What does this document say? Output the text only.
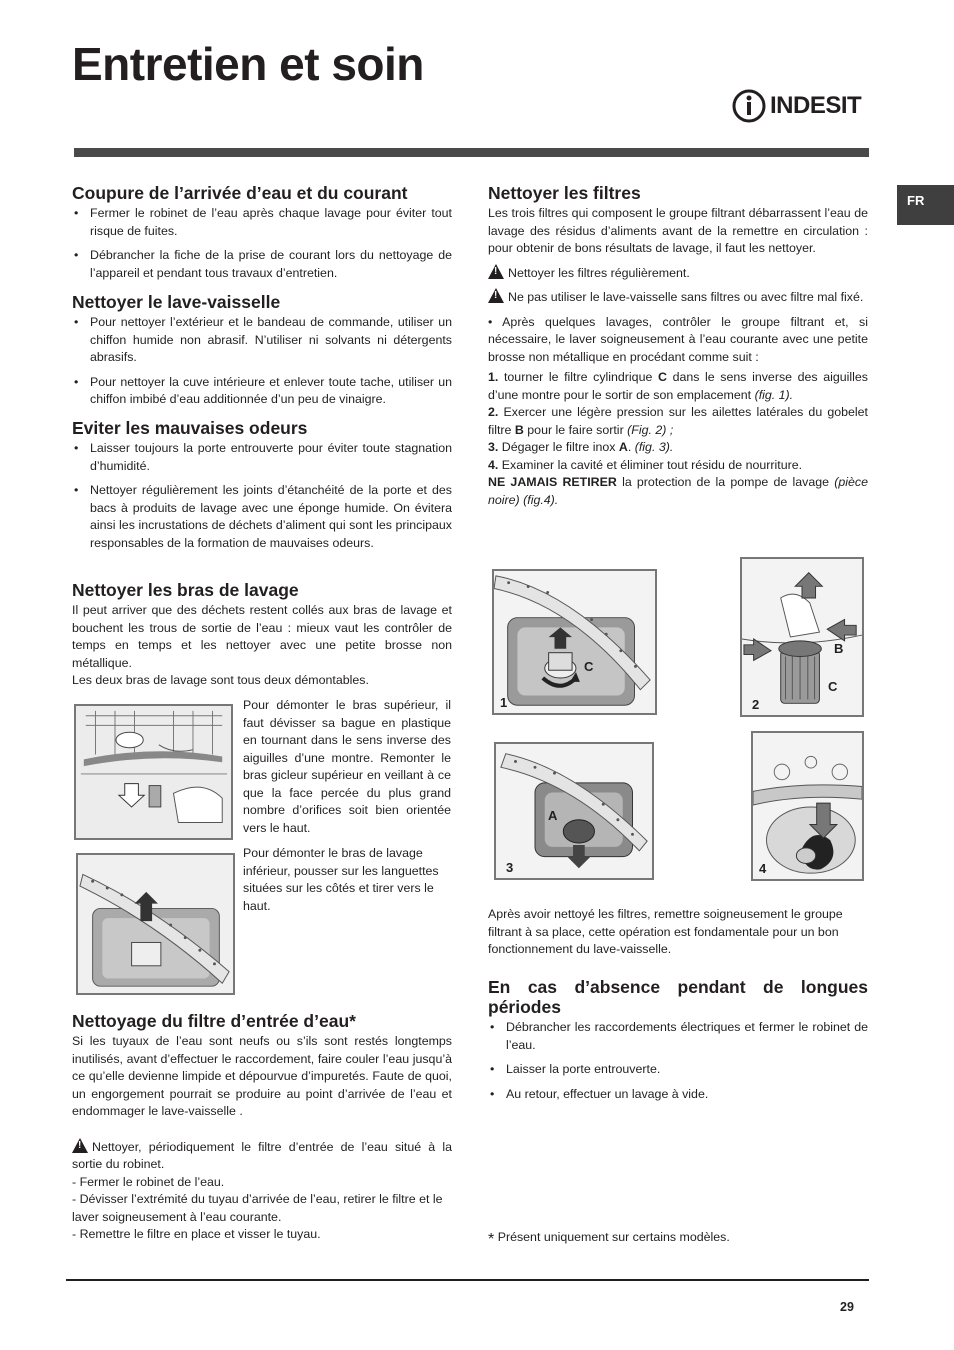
Entretien et soin
INDESIT
FR
Coupure de l’arrivée d’eau et du courant
• Fermer le robinet de l’eau après chaque lavage pour éviter tout risque de fuites.
• Débrancher la fiche de la prise de courant lors du nettoyage de l’appareil et pendant tous travaux d’entretien.
Nettoyer le lave-vaisselle
• Pour nettoyer l’extérieur et le bandeau de commande, utiliser un chiffon humide non abrasif. N’utiliser ni solvants ni détergents abrasifs.
• Pour nettoyer la cuve intérieure et enlever toute tache, utiliser un chiffon imbibé d’eau additionnée d’un peu de vinaigre.
Eviter les mauvaises odeurs
• Laisser toujours la porte entrouverte pour éviter toute stagnation d’humidité.
• Nettoyer régulièrement les joints d’étanchéité de la porte et des bacs à produits de lavage avec une éponge humide. On évitera ainsi les incrustations de déchets d’aliment qui sont les principaux responsables de la formation de mauvaises odeurs.
Nettoyer les bras de lavage

Il peut arriver que des déchets restent collés aux bras de lavage et bouchent les trous de sortie de l’eau : mieux vaut les contrôler de temps en temps et les nettoyer avec une petite brosse non métallique.

Les deux bras de lavage sont tous deux démontables.

Pour démonter le bras supérieur, il faut dévisser sa bague en plastique en tournant dans le sens inverse des aiguilles d’une montre. Remonter le bras gicleur supérieur en veillant à ce que la face percée du plus grand nombre d’orifices soit bien orientée vers le haut.

Pour démonter le bras de lavage inférieur, pousser sur les languettes situées sur les côtés et tirer vers le haut.

Nettoyage du filtre d’entrée d’eau*

Si les tuyaux de l’eau sont neufs ou s’ils sont restés longtemps inutilisés, avant d’effectuer le raccordement, faire couler l’eau jusqu’à ce qu’elle devienne limpide et dépourvue d’impuretés. Faute de quoi, un engorgement pourrait se produire au point d’arrivée de l’eau et endommager le lave-vaisselle .

!Nettoyer, périodiquement le filtre d’entrée de l’eau situé à la sortie du robinet.

- Fermer le robinet de l’eau.

- Dévisser l’extrémité du tuyau d’arrivée de l’eau, retirer le filtre et le laver soigneusement à l’eau courante.

- Remettre le filtre en place et visser le tuyau.

Nettoyer les filtres

Les trois filtres qui composent le groupe filtrant débarrassent l’eau de lavage des résidus d’aliments avant de la remettre en circulation : pour obtenir de bons résultats de lavage, il faut les nettoyer.

!Nettoyer les filtres régulièrement.

!Ne pas utiliser le lave-vaisselle sans filtres ou avec filtre mal fixé.

• Après quelques lavages, contrôler le groupe filtrant et, si nécessaire, le laver soigneusement à l’eau courante avec une petite brosse non métallique en procédant comme suit :

1. tourner le filtre cylindrique C dans le sens inverse des aiguilles d’une montre pour le sortir de son emplacement (fig. 1).

2. Exercer une légère pression sur les ailettes latérales du gobelet filtre B pour le faire sortir (Fig. 2) ;

3. Dégager le filtre inox A. (fig. 3).

4. Examiner la cavité et éliminer tout résidu de nourriture.

NE JAMAIS RETIRER la protection de la pompe de lavage (pièce noire) (fig.4).

1
C
2
B
C
3
A
4

Après avoir nettoyé les filtres, remettre soigneusement le groupe filtrant à sa place, cette opération est fondamentale pour un bon fonctionnement du lave-vaisselle.

En cas d’absence pendant de longues périodes
• Débrancher les raccordements électriques et fermer le robinet de l’eau.
• Laisser la porte entrouverte.
• Au retour, effectuer un lavage à vide.

* Présent uniquement sur certains modèles.

29
